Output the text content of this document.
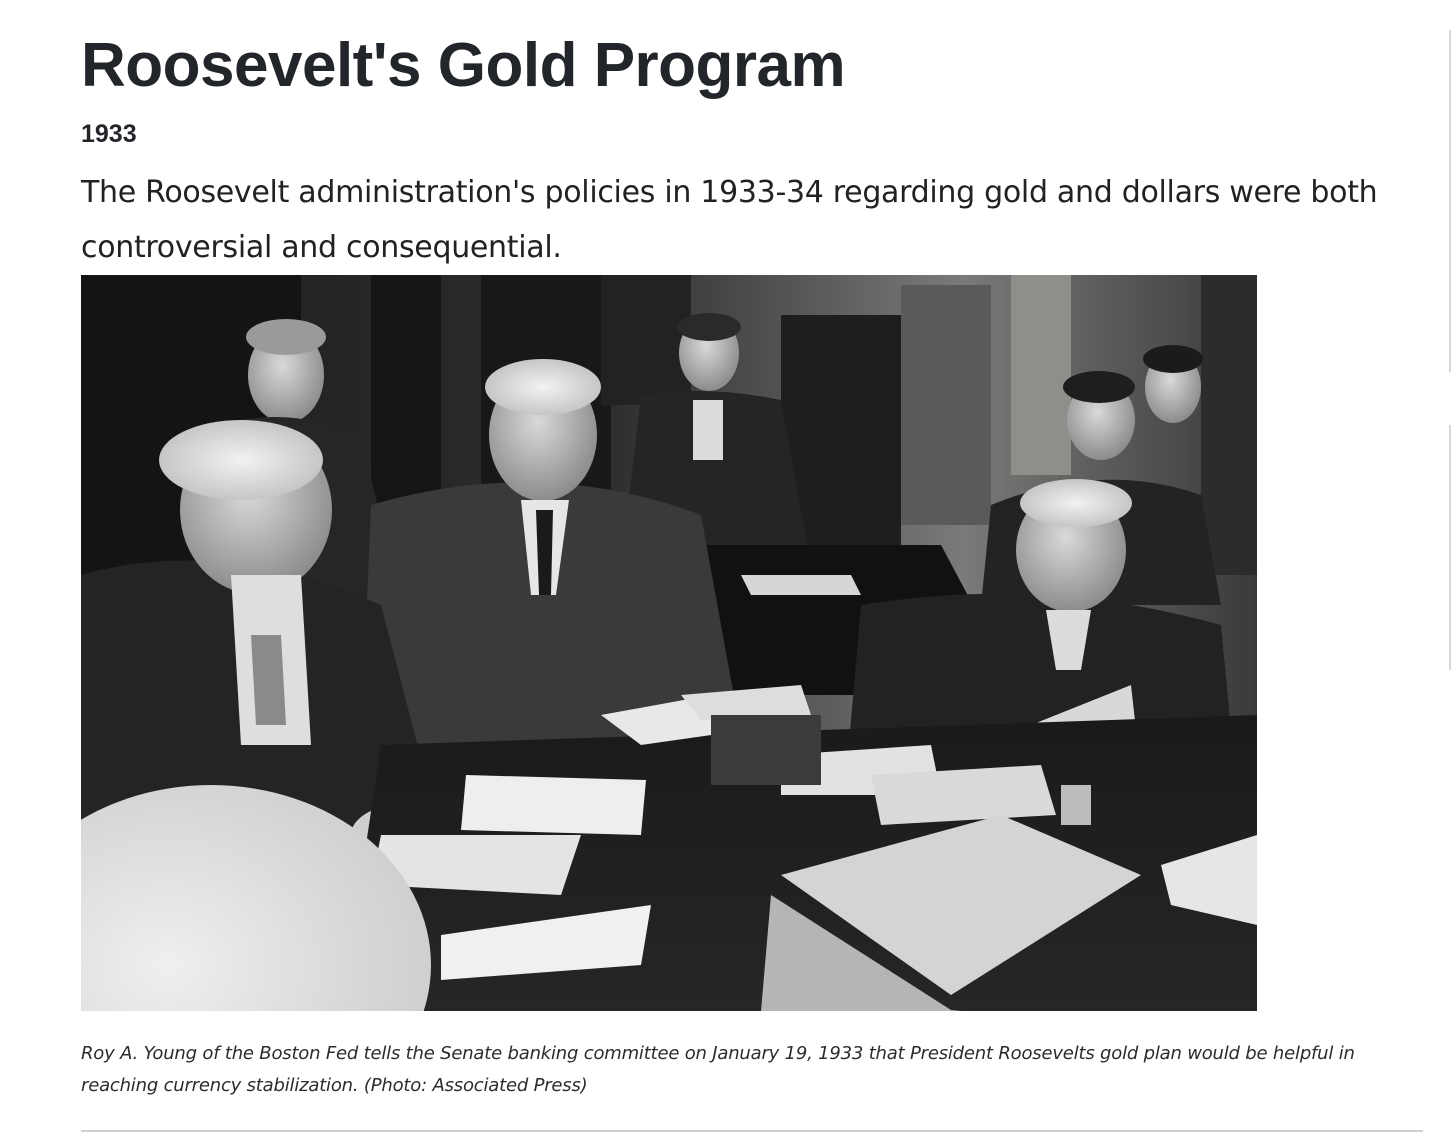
Roosevelt's Gold Program
1933

The Roosevelt administration's policies in 1933-34 regarding gold and dollars were both controversial and consequential.

Roy A. Young of the Boston Fed tells the Senate banking committee on January 19, 1933 that President Roosevelts gold plan would be helpful in reaching currency stabilization. (Photo: Associated Press)
